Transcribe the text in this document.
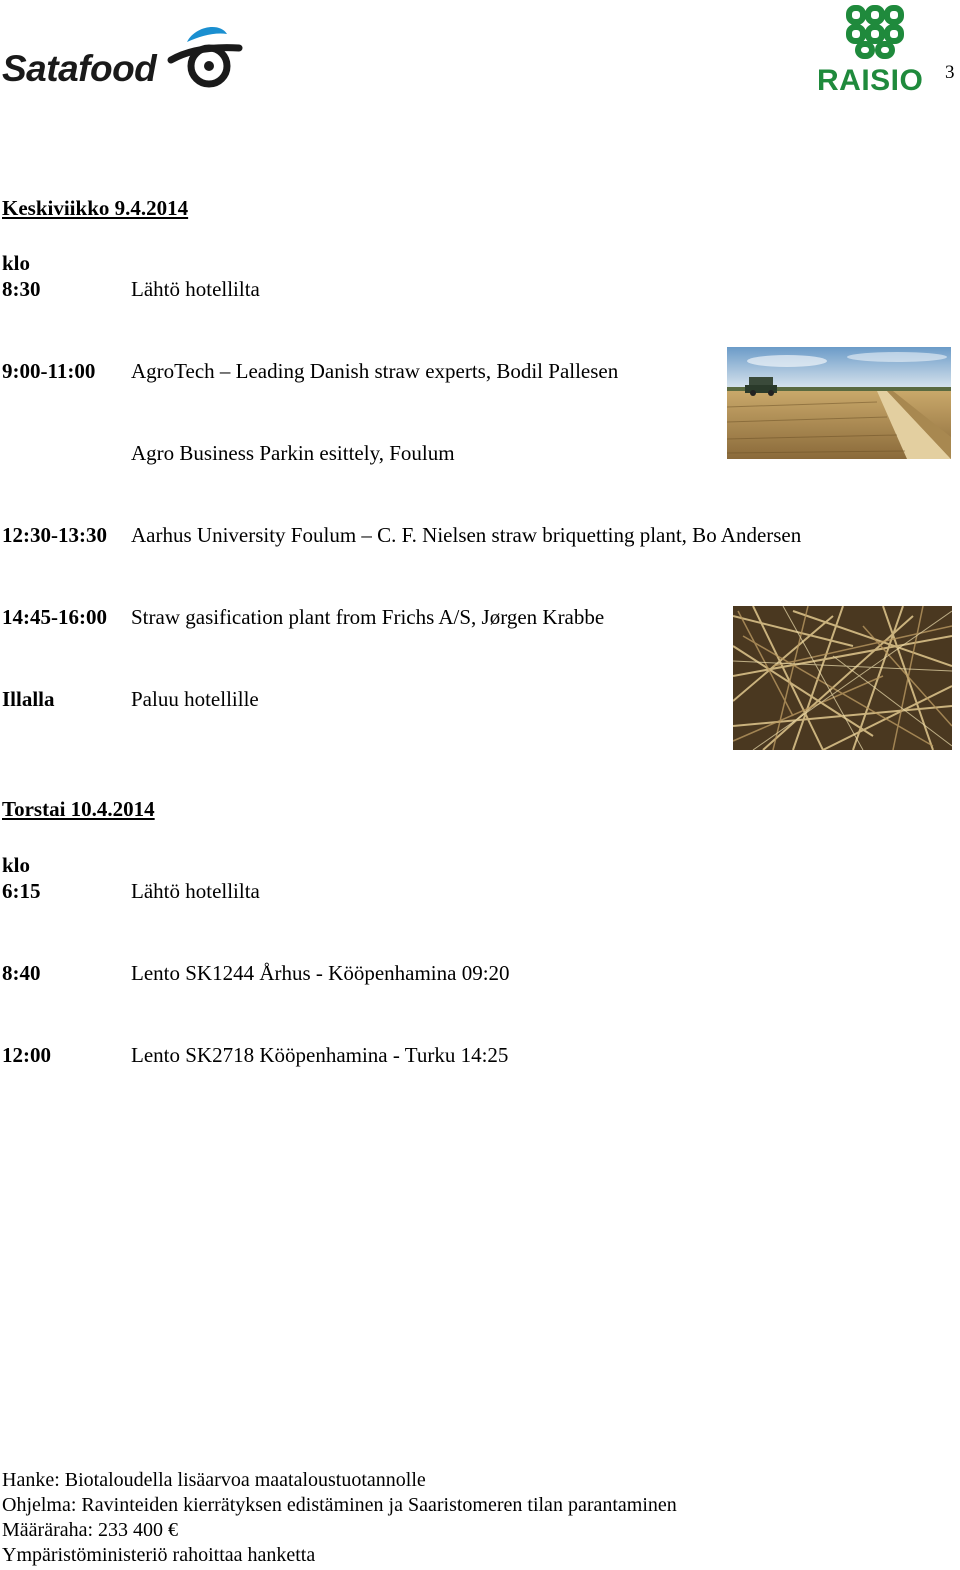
Satafood	RAISIO 3
Keskiviikko 9.4.2014
klo
8:30	Lähtö hotellilta
9:00-11:00 AgroTech – Leading Danish straw experts, Bodil Pallesen
Agro Business Parkin esittely, Foulum
12:30-13:30 Aarhus University Foulum – C. F. Nielsen straw briquetting plant, Bo Andersen
14:45-16:00 Straw gasification plant from Frichs A/S, Jørgen Krabbe
Illalla	Paluu hotellille
Torstai 10.4.2014
klo
6:15	Lähtö hotellilta
8:40	Lento SK1244 Århus - Kööpenhamina 09:20
12:00	Lento SK2718 Kööpenhamina - Turku 14:25
Hanke: Biotaloudella lisäarvoa maataloustuotannolle
Ohjelma: Ravinteiden kierrätyksen edistäminen ja Saaristomeren tilan parantaminen
Määräraha: 233 400 €
Ympäristöministeriö rahoittaa hanketta
